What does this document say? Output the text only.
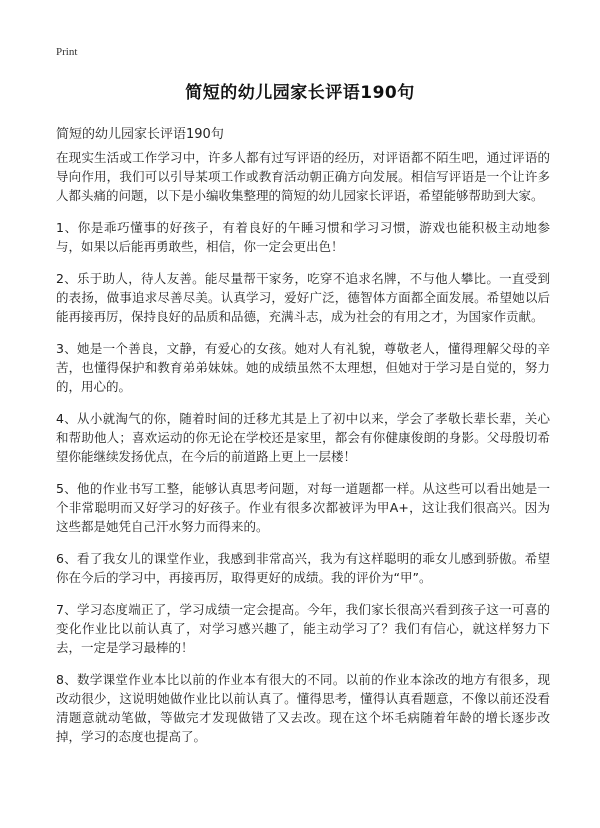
Print
简短的幼儿园家长评语190句
简短的幼儿园家长评语190句

在现实生活或工作学习中，许多人都有过写评语的经历，对评语都不陌生吧，通过评语的导向作用，我们可以引导某项工作或教育活动朝正确方向发展。相信写评语是一个让许多人都头痛的问题，以下是小编收集整理的简短的幼儿园家长评语，希望能够帮助到大家。

1、你是乖巧懂事的好孩子，有着良好的午睡习惯和学习习惯，游戏也能积极主动地参与，如果以后能再勇敢些，相信，你一定会更出色！

2、乐于助人，待人友善。能尽量帮干家务，吃穿不追求名牌，不与他人攀比。一直受到的表扬，做事追求尽善尽美。认真学习，爱好广泛，德智体方面都全面发展。希望她以后能再接再厉，保持良好的品质和品德，充满斗志，成为社会的有用之才，为国家作贡献。

3、她是一个善良，文静，有爱心的女孩。她对人有礼貌，尊敬老人，懂得理解父母的辛苦，也懂得保护和教育弟弟妹妹。她的成绩虽然不太理想，但她对于学习是自觉的，努力的，用心的。

4、从小就淘气的你，随着时间的迁移尤其是上了初中以来，学会了孝敬长辈长辈，关心和帮助他人；喜欢运动的你无论在学校还是家里，都会有你健康俊朗的身影。父母殷切希望你能继续发扬优点，在今后的前道路上更上一层楼！

5、他的作业书写工整，能够认真思考问题，对每一道题都一样。从这些可以看出她是一个非常聪明而又好学习的好孩子。作业有很多次都被评为甲A+，这让我们很高兴。因为这些都是她凭自己汗水努力而得来的。

6、看了我女儿的课堂作业，我感到非常高兴，我为有这样聪明的乖女儿感到骄傲。希望你在今后的学习中，再接再厉，取得更好的成绩。我的评价为“甲”。

7、学习态度端正了，学习成绩一定会提高。今年，我们家长很高兴看到孩子这一可喜的变化作业比以前认真了，对学习感兴趣了，能主动学习了？我们有信心，就这样努力下去，一定是学习最棒的！

8、数学课堂作业本比以前的作业本有很大的不同。以前的作业本涂改的地方有很多，现改动很少，这说明她做作业比以前认真了。懂得思考，懂得认真看题意，不像以前还没看清题意就动笔做，等做完才发现做错了又去改。现在这个坏毛病随着年龄的增长逐步改掉，学习的态度也提高了。
